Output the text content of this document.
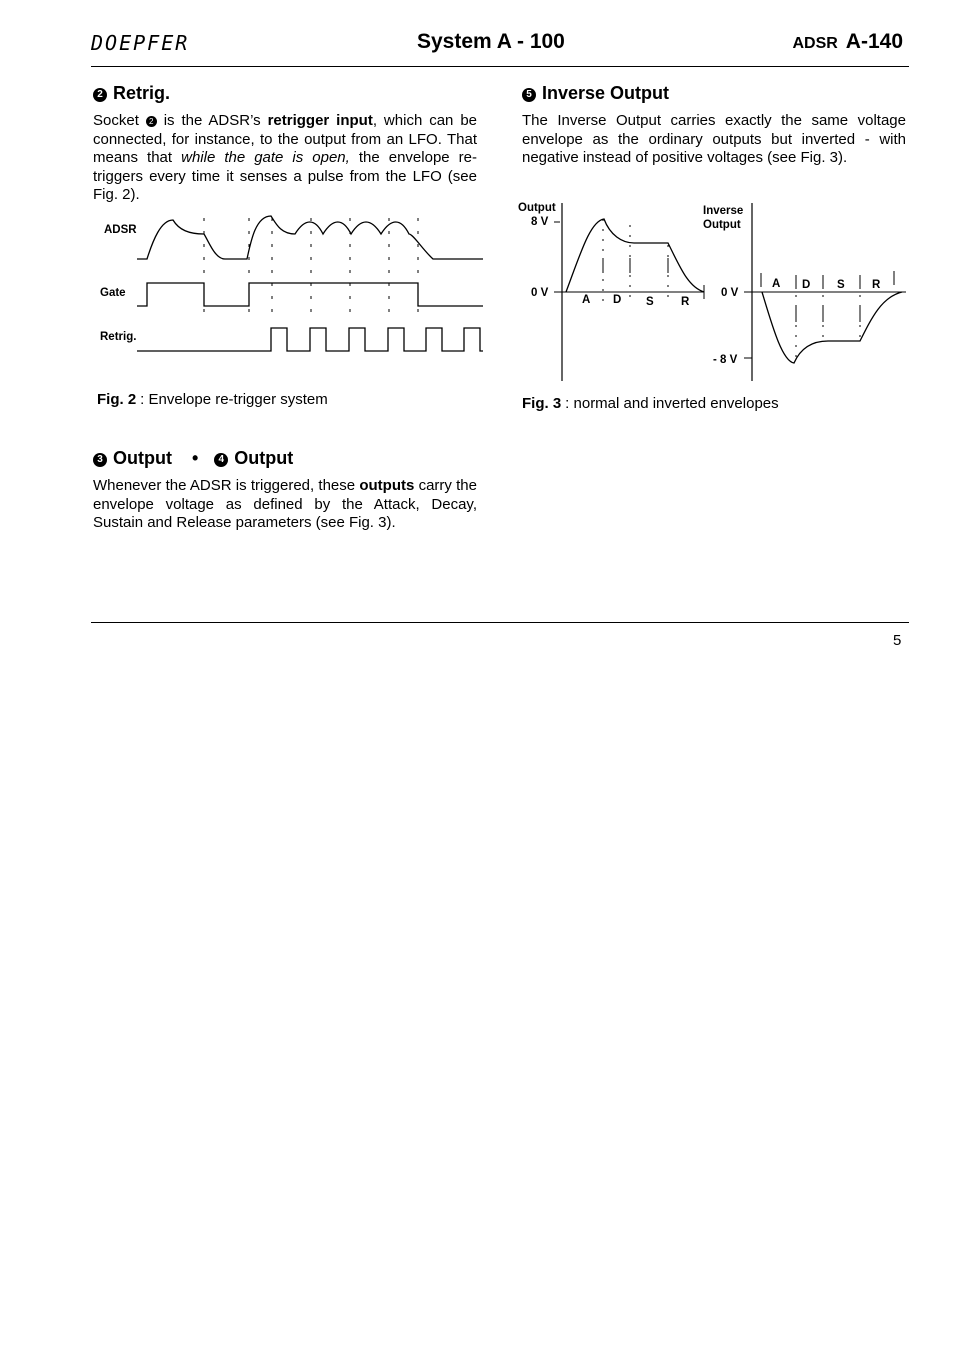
DOEPFER	System A - 100	ADSR A-140
2 Retrig.

Socket 2 is the ADSR’s retrigger input, which can be connected, for instance, to the output from an LFO. That means that while the gate is open, the envelope re-triggers every time it senses a pulse from the LFO (see Fig. 2).

ADSR
Gate
Retrig.

Fig. 2 : Envelope re-trigger system

3 Output • 4 Output

Whenever the ADSR is triggered, these outputs carry the envelope voltage as defined by the Attack, Decay, Sustain and Release parameters (see Fig. 3).

5 Inverse Output

The Inverse Output carries exactly the same voltage envelope as the ordinary outputs but inverted - with negative instead of positive voltages (see Fig. 3).

Output
8 V
0 V
A D S R
Inverse
Output
0 V
- 8 V
A D S R

Fig. 3 : normal and inverted envelopes

5
